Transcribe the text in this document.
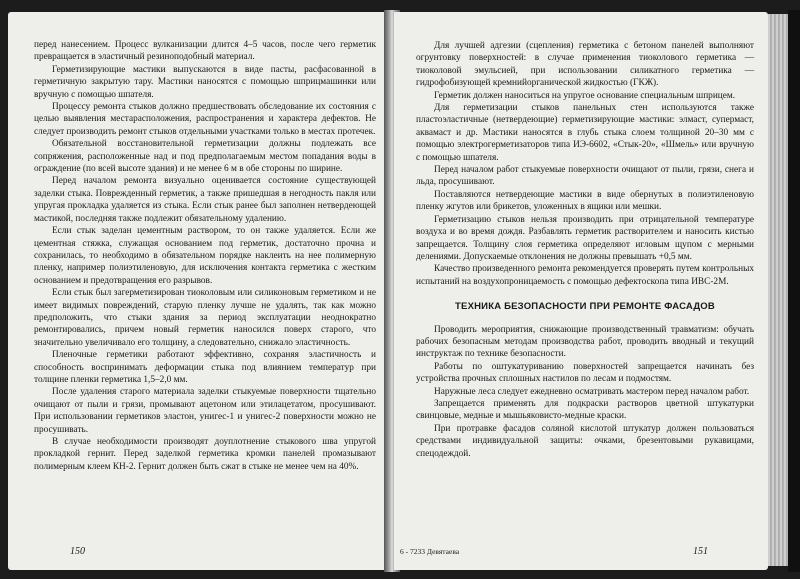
перед нанесением. Процесс вулканизации длится 4–5 часов, после чего герметик превращается в эластичный резиноподобный материал.

Герметизирующие мастики выпускаются в виде пасты, расфасованной в герметичную закрытую тару. Мастики наносятся с помощью шприцмашинки или вручную с помощью шпателя.

Процессу ремонта стыков должно предшествовать обследование их состояния с целью выявления местарасположения, распространения и характера дефектов. Не следует производить ремонт стыков отдельными участками только в местах протечек.

Обязательной восстановительной герметизации должны подлежать все сопряжения, расположенные над и под предполагаемым местом попадания воды в ограждение (по всей высоте здания) и не менее 6 м в обе стороны по ширине.

Перед началом ремонта визуально оценивается состояние существующей заделки стыка. Поврежденный герметик, а также пришедшая в негодность пакля или упругая прокладка удаляется из стыка. Если стык ранее был заполнен нетвердеющей мастикой, последняя также подлежит обязательному удалению.

Если стык заделан цементным раствором, то он также удаляется. Если же цементная стяжка, служащая основанием под герметик, достаточно прочна и сохранилась, то необходимо в обязательном порядке наклеить на нее полимерную пленку, например полиэтиленовую, для исключения контакта герметика с жестким основанием и предотвращения его разрывов.

Если стык был загерметизирован тиоколовым или силиконовым герметиком и не имеет видимых повреждений, старую пленку лучше не удалять, так как можно предположить, что стыки здания за период эксплуатации неоднократно ремонтировались, причем новый герметик наносился поверх старого, что значительно увеличивало его толщину, а следовательно, снижало эластичность.

Пленочные герметики работают эффективно, сохраняя эластичность и способность воспринимать деформации стыка под влиянием температур при толщине пленки герметика 1,5–2,0 мм.

После удаления старого материала заделки стыкуемые поверхности тщательно очищают от пыли и грязи, промывают ацетоном или этилацетатом, просушивают. При использовании герметиков эластон, унигес-1 и унигес-2 поверхности можно не просушивать.

В случае необходимости производят доуплотнение стыкового шва упругой прокладкой гернит. Перед заделкой герметика кромки панелей промазывают полимерным клеем КН-2. Гернит должен быть сжат в стыке не менее чем на 40%.

150

Для лучшей адгезии (сцепления) герметика с бетоном панелей выполняют огрунтовку поверхностей: в случае применения тиоколового герметика — тиоколовой эмульсией, при использовании силикатного герметика — гидрофобизующей кремнийорганической жидкостью (ГКЖ).

Герметик должен наноситься на упругое основание специальным шприцем.

Для герметизации стыков панельных стен используются также пластоэластичные (нетвердеющие) герметизирующие мастики: элмаст, супермаст, аквамаст и др. Мастики наносятся в глубь стыка слоем толщиной 20–30 мм с помощью электрогерметизаторов типа ИЭ-6602, «Стык-20», «Шмель» или вручную с помощью шпателя.

Перед началом работ стыкуемые поверхности очищают от пыли, грязи, снега и льда, просушивают.

Поставляются нетвердеющие мастики в виде обернутых в полиэтиленовую пленку жгутов или брикетов, уложенных в ящики или мешки.

Герметизацию стыков нельзя производить при отрицательной температуре воздуха и во время дождя. Разбавлять герметик растворителем и наносить кистью запрещается. Толщину слоя герметика определяют игловым щупом с мерными делениями. Допускаемые отклонения не должны превышать +0,5 мм.

Качество произведенного ремонта рекомендуется проверять путем контрольных испытаний на воздухопроницаемость с помощью дефектоскопа типа ИВС-2М.

ТЕХНИКА БЕЗОПАСНОСТИ ПРИ РЕМОНТЕ ФАСАДОВ

Проводить мероприятия, снижающие производственный травматизм: обучать рабочих безопасным методам производства работ, проводить вводный и текущий инструктаж по технике безопасности.

Работы по оштукатуриванию поверхностей запрещается начинать без устройства прочных сплошных настилов по лесам и подмостям.

Наружные леса следует ежедневно осматривать мастером перед началом работ.

Запрещается применять для подкраски растворов цветной штукатурки свинцовые, медные и мышьяковисто-медные краски.

При протравке фасадов соляной кислотой штукатур должен пользоваться средствами индивидуальной защиты: очками, брезентовыми рукавицами, спецодеждой.

6 - 7233 Девятаева	151
